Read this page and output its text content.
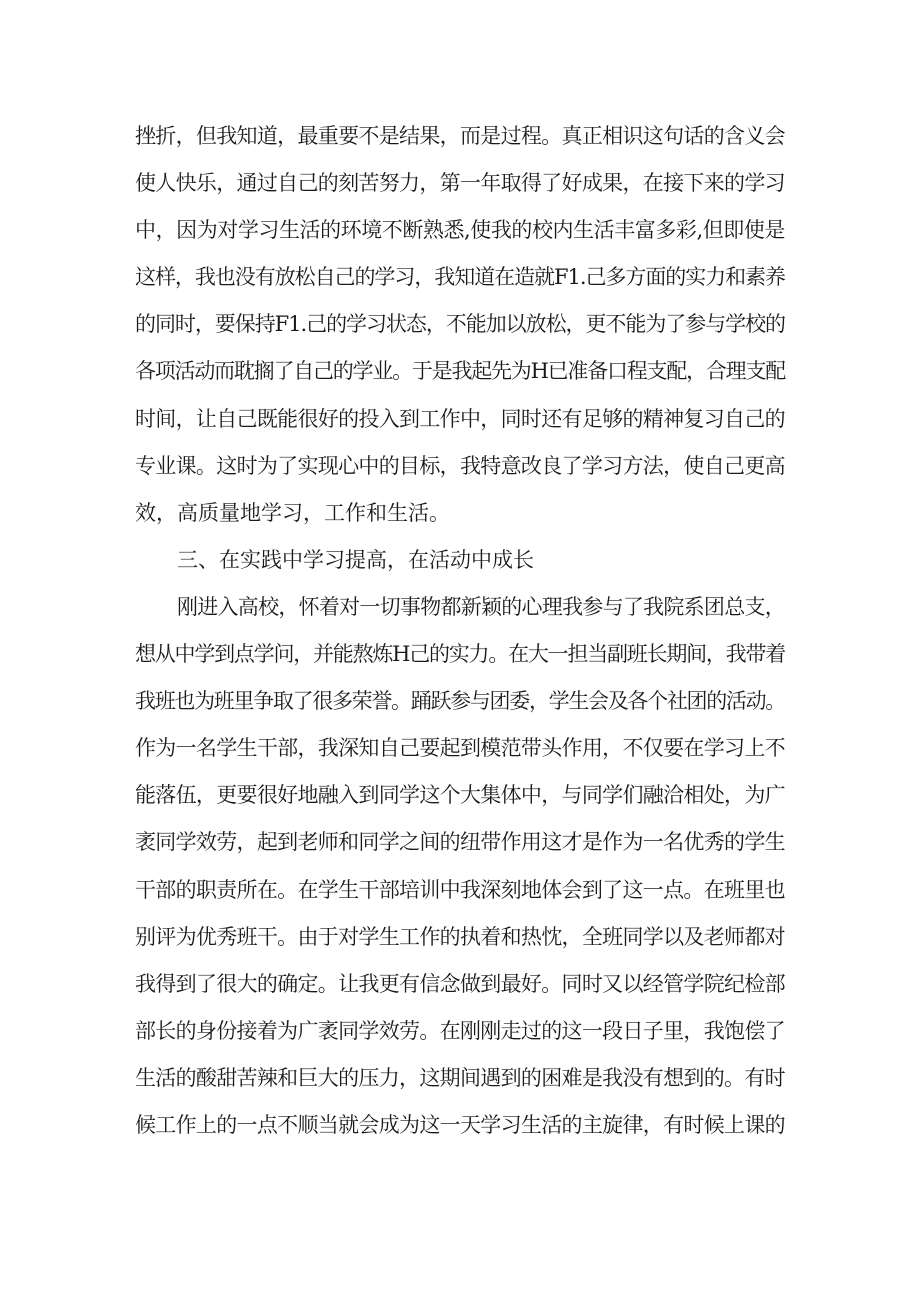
挫折，但我知道，最重要不是结果，而是过程。真正相识这句话的含义会
使人快乐，通过自己的刻苦努力，第一年取得了好成果，在接下来的学习
中，因为对学习生活的环境不断熟悉,使我的校内生活丰富多彩,但即使是
这样，我也没有放松自己的学习，我知道在造就F1.己多方面的实力和素养
的同时，要保持F1.己的学习状态，不能加以放松，更不能为了参与学校的
各项活动而耽搁了自己的学业。于是我起先为H已准备口程支配，合理支配
时间，让自己既能很好的投入到工作中，同时还有足够的精神复习自己的
专业课。这时为了实现心中的目标，我特意改良了学习方法，使自己更高
效，高质量地学习，工作和生活。
三、在实践中学习提高，在活动中成长
刚进入高校，怀着对一切事物都新颖的心理我参与了我院系团总支，
想从中学到点学问，并能熬炼H己的实力。在大一担当副班长期间，我带着
我班也为班里争取了很多荣誉。踊跃参与团委，学生会及各个社团的活动。
作为一名学生干部，我深知自己要起到模范带头作用，不仅要在学习上不
能落伍，更要很好地融入到同学这个大集体中，与同学们融洽相处，为广
袤同学效劳，起到老师和同学之间的纽带作用这才是作为一名优秀的学生
干部的职责所在。在学生干部培训中我深刻地体会到了这一点。在班里也
别评为优秀班干。由于对学生工作的执着和热忱，全班同学以及老师都对
我得到了很大的确定。让我更有信念做到最好。同时又以经管学院纪检部
部长的身份接着为广袤同学效劳。在刚刚走过的这一段日子里，我饱偿了
生活的酸甜苦辣和巨大的压力，这期间遇到的困难是我没有想到的。有时
候工作上的一点不顺当就会成为这一天学习生活的主旋律，有时候上课的
